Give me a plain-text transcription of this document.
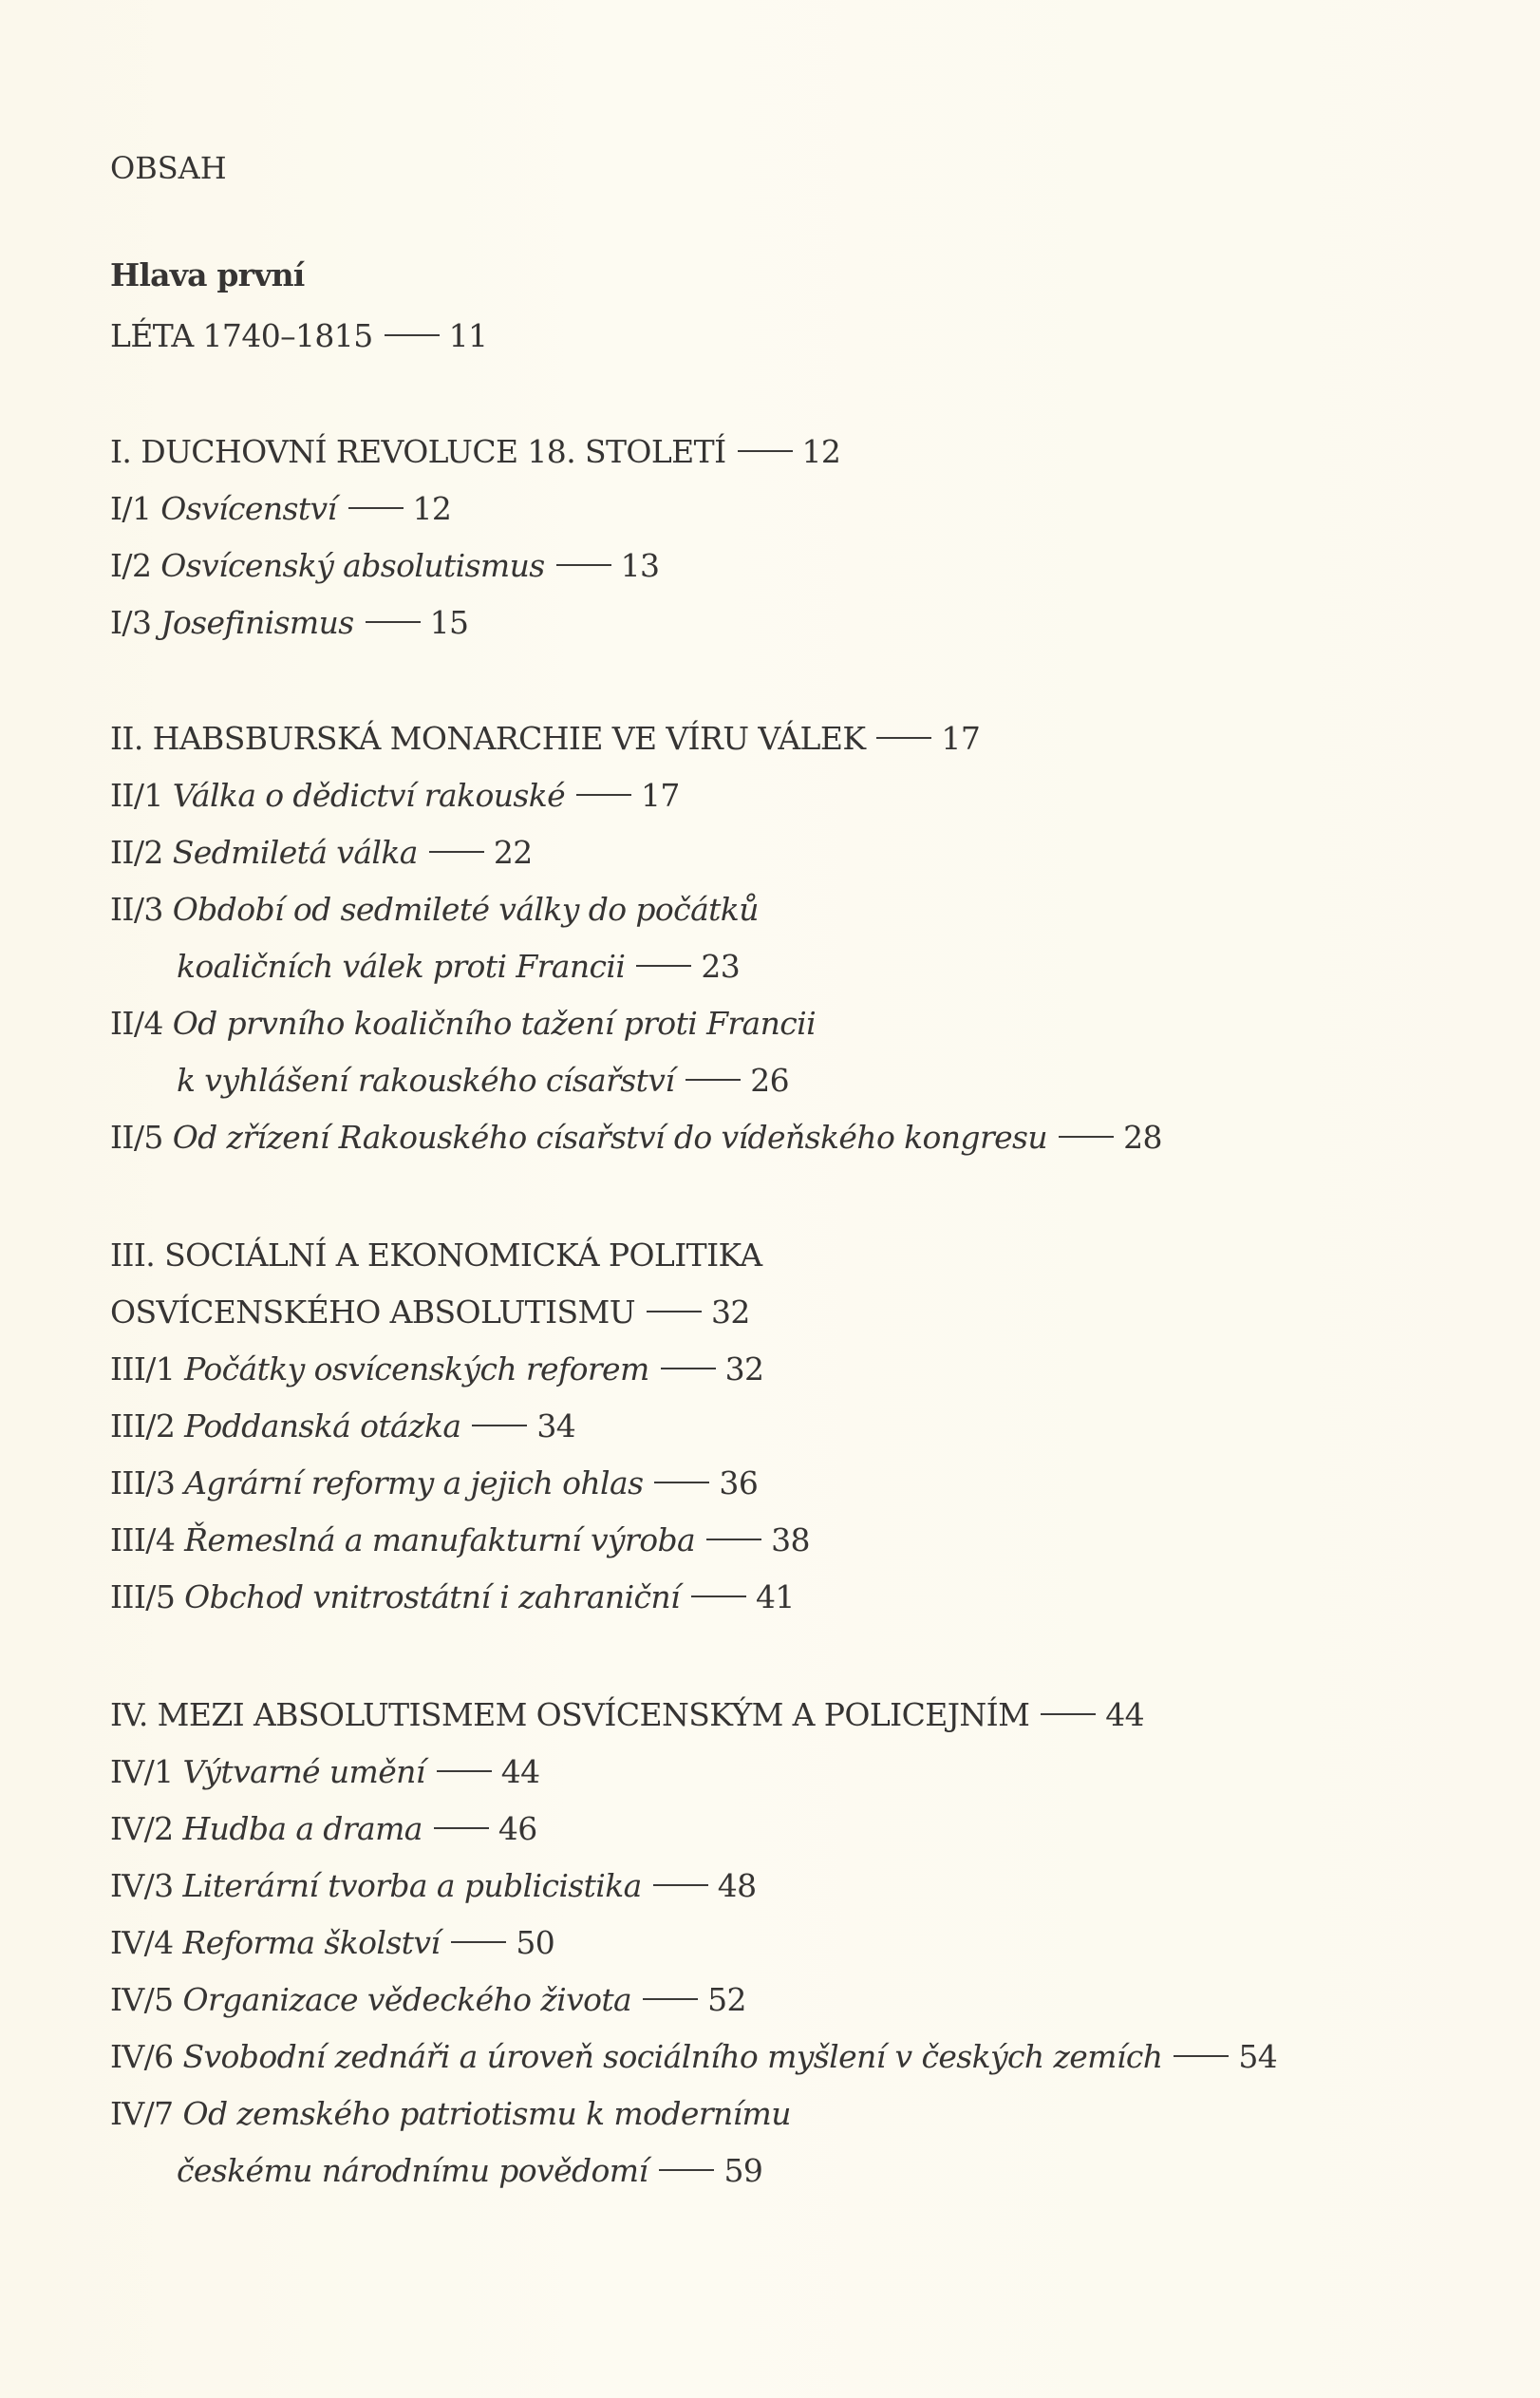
OBSAH
Hlava první
LÉTA 1740–1815 11
I. DUCHOVNÍ REVOLUCE 18. STOLETÍ 12
I/1 Osvícenství 12
I/2 Osvícenský absolutismus 13
I/3 Josefinismus 15
II. HABSBURSKÁ MONARCHIE VE VÍRU VÁLEK 17
II/1 Válka o dědictví rakouské 17
II/2 Sedmiletá válka 22
II/3 Období od sedmileté války do počátků
koaličních válek proti Francii 23
II/4 Od prvního koaličního tažení proti Francii
k vyhlášení rakouského císařství 26
II/5 Od zřízení Rakouského císařství do vídeňského kongresu 28
III. SOCIÁLNÍ A EKONOMICKÁ POLITIKA
OSVÍCENSKÉHO ABSOLUTISMU 32
III/1 Počátky osvícenských reforem 32
III/2 Poddanská otázka 34
III/3 Agrární reformy a jejich ohlas 36
III/4 Řemeslná a manufakturní výroba 38
III/5 Obchod vnitrostátní i zahraniční 41
IV. MEZI ABSOLUTISMEM OSVÍCENSKÝM A POLICEJNÍM 44
IV/1 Výtvarné umění 44
IV/2 Hudba a drama 46
IV/3 Literární tvorba a publicistika 48
IV/4 Reforma školství 50
IV/5 Organizace vědeckého života 52
IV/6 Svobodní zednáři a úroveň sociálního myšlení v českých zemích 54
IV/7 Od zemského patriotismu k modernímu
českému národnímu povědomí 59
